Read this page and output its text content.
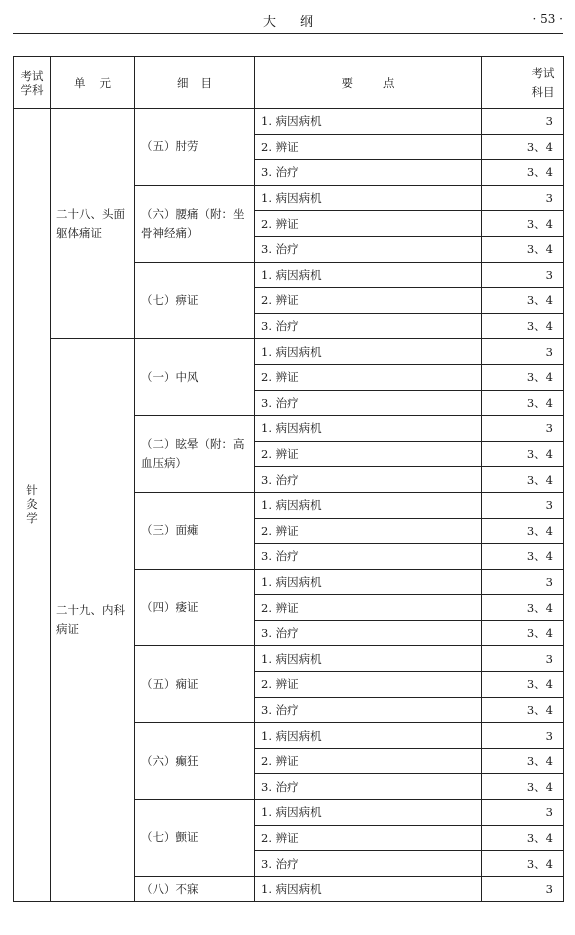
大纲	· 53 ·
考试学科	单元	细目	要点	考试科目
针灸学	二十八、头面躯体痛证	（五）肘劳	1. 病因病机	3
			2. 辨证	3、4
			3. 治疗	3、4
		（六）腰痛（附：坐骨神经痛）	1. 病因病机	3
			2. 辨证	3、4
			3. 治疗	3、4
		（七）痹证	1. 病因病机	3
			2. 辨证	3、4
			3. 治疗	3、4
	二十九、内科病证	（一）中风	1. 病因病机	3
			2. 辨证	3、4
			3. 治疗	3、4
		（二）眩晕（附：高血压病）	1. 病因病机	3
			2. 辨证	3、4
			3. 治疗	3、4
		（三）面瘫	1. 病因病机	3
			2. 辨证	3、4
			3. 治疗	3、4
		（四）痿证	1. 病因病机	3
			2. 辨证	3、4
			3. 治疗	3、4
		（五）痫证	1. 病因病机	3
			2. 辨证	3、4
			3. 治疗	3、4
		（六）癫狂	1. 病因病机	3
			2. 辨证	3、4
			3. 治疗	3、4
		（七）颤证	1. 病因病机	3
			2. 辨证	3、4
			3. 治疗	3、4
		（八）不寐	1. 病因病机	3
